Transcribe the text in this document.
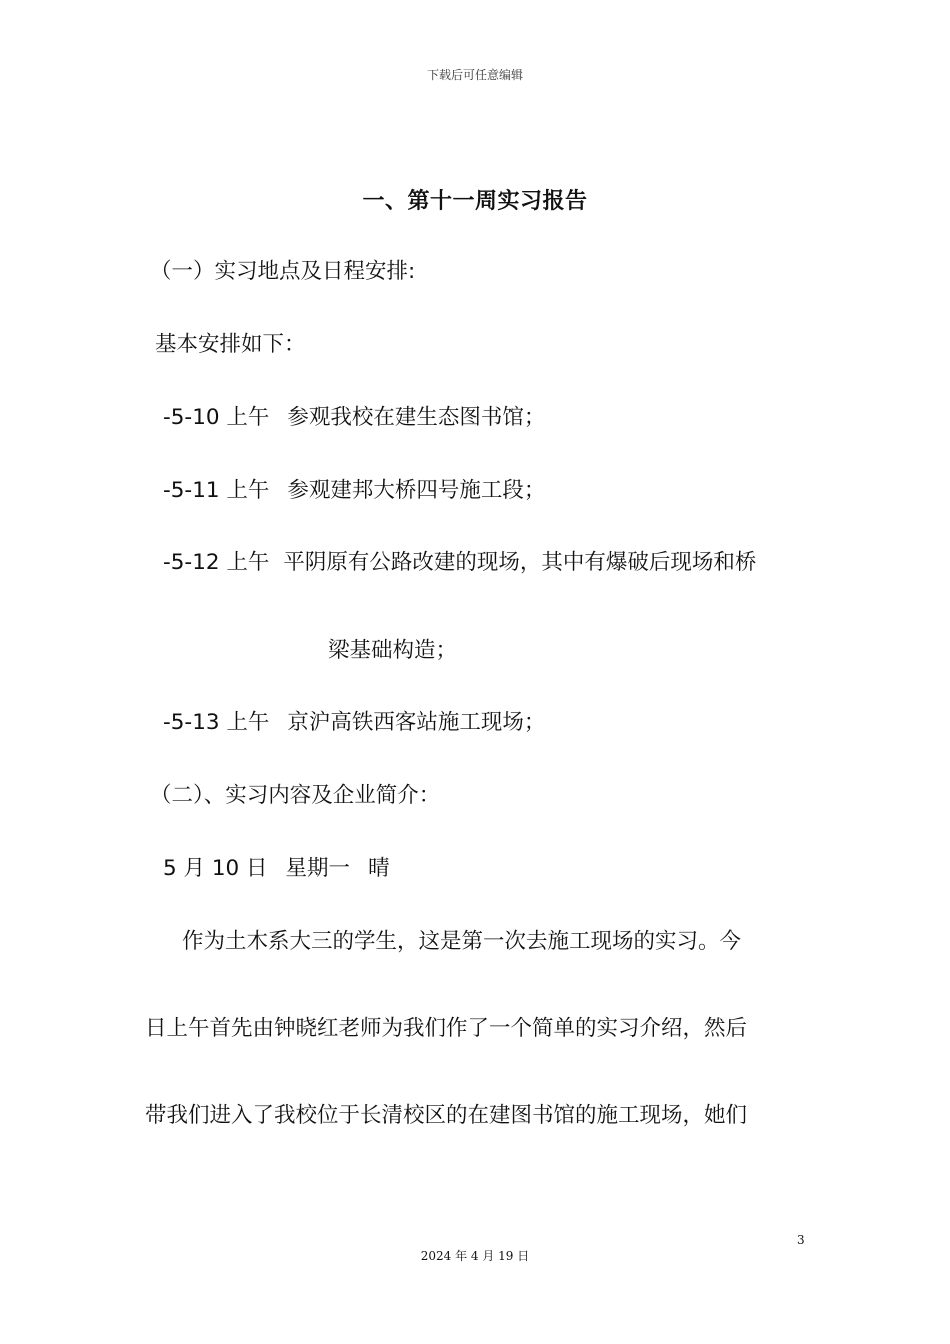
下载后可任意编辑
一、第十一周实习报告
（一）实习地点及日程安排:
基本安排如下：
-5-10 上午 参观我校在建生态图书馆；
-5-11 上午 参观建邦大桥四号施工段；
-5-12 上午 平阴原有公路改建的现场，其中有爆破后现场和桥
梁基础构造；
-5-13 上午 京沪高铁西客站施工现场；
（二）、实习内容及企业简介：
5 月 10 日 星期一 晴
作为土木系大三的学生，这是第一次去施工现场的实习。今
日上午首先由钟晓红老师为我们作了一个简单的实习介绍，然后
带我们进入了我校位于长清校区的在建图书馆的施工现场，她们
3
2024 年 4 月 19 日
